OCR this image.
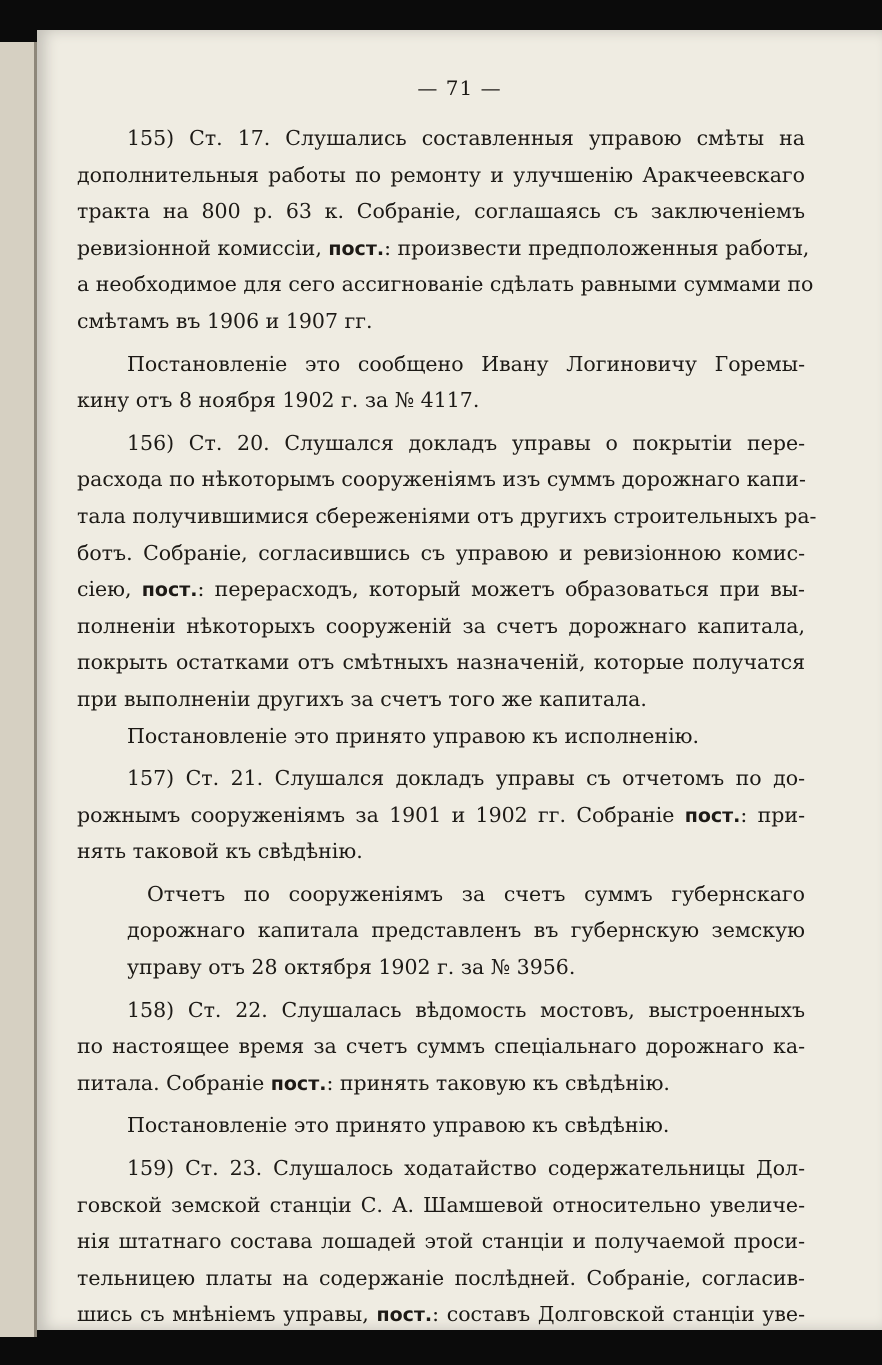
— 71 —
155) Ст. 17. Слушались составленныя управою смѣты на
дополнительныя работы по ремонту и улучшенію Аракчеевскаго
тракта на 800 р. 63 к. Собраніе, соглашаясь съ заключеніемъ
ревизіонной комиссіи, пост.: произвести предположенныя работы,
а необходимое для сего ассигнованіе сдѣлать равными суммами по
смѣтамъ въ 1906 и 1907 гг.
Постановленіе это сообщено Ивану Логиновичу Горемы-
кину отъ 8 ноября 1902 г. за № 4117.
156) Ст. 20. Слушался докладъ управы о покрытіи пере-
расхода по нѣкоторымъ сооруженіямъ изъ суммъ дорожнаго капи-
тала получившимися сбереженіями отъ другихъ строительныхъ ра-
ботъ. Собраніе, согласившись съ управою и ревизіонною комис-
сіею, пост.: перерасходъ, который можетъ образоваться при вы-
полненіи нѣкоторыхъ сооруженій за счетъ дорожнаго капитала,
покрыть остатками отъ смѣтныхъ назначеній, которые получатся
при выполненіи другихъ за счетъ того же капитала.
Постановленіе это принято управою къ исполненію.
157) Ст. 21. Слушался докладъ управы съ отчетомъ по до-
рожнымъ сооруженіямъ за 1901 и 1902 гг. Собраніе пост.: при-
нять таковой къ свѣдѣнію.
Отчетъ по сооруженіямъ за счетъ суммъ губернскаго
дорожнаго капитала представленъ въ губернскую земскую
управу отъ 28 октября 1902 г. за № 3956.
158) Ст. 22. Слушалась вѣдомость мостовъ, выстроенныхъ
по настоящее время за счетъ суммъ спеціальнаго дорожнаго ка-
питала. Собраніе пост.: принять таковую къ свѣдѣнію.
Постановленіе это принято управою къ свѣдѣнію.
159) Ст. 23. Слушалось ходатайство содержательницы Дол-
говской земской станціи С. А. Шамшевой относительно увеличе-
нія штатнаго состава лошадей этой станціи и получаемой проси-
тельницею платы на содержаніе послѣдней. Собраніе, согласив-
шись съ мнѣніемъ управы, пост.: составъ Долговской станціи уве-
